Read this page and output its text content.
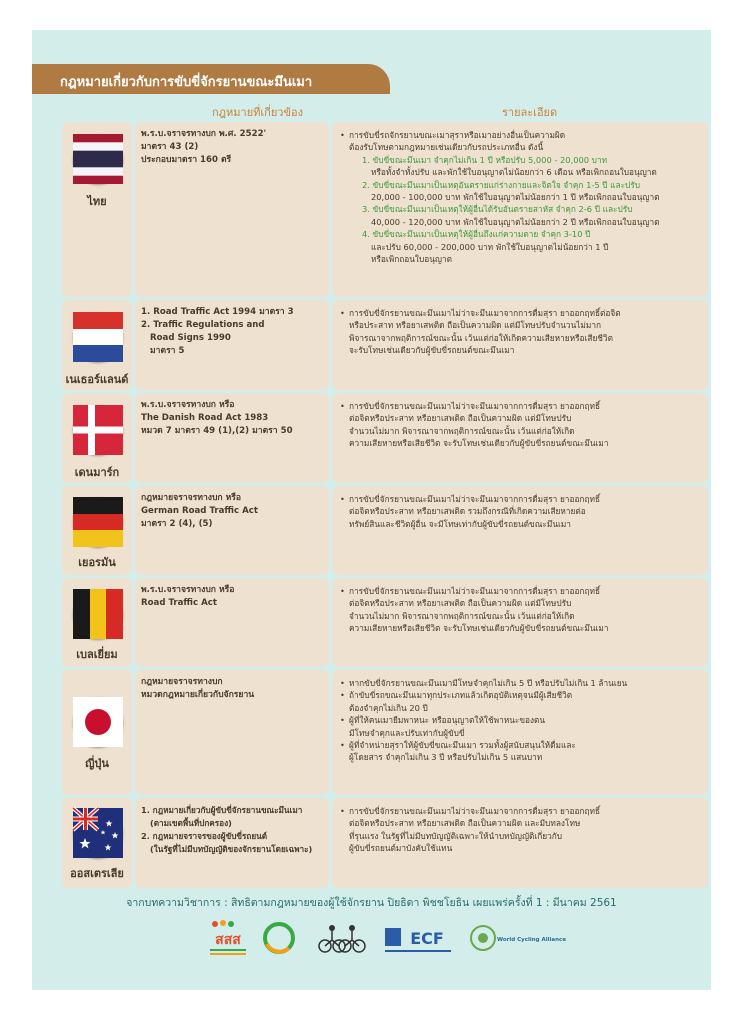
กฎหมายเกี่ยวกับการขับขี่จักรยานขณะมึนเมา
กฎหมายที่เกี่ยวข้อง	รายละเอียด
ไทย
พ.ร.บ.จราจรทางบก พ.ศ. 2522'
มาตรา 43 (2)
ประกอบมาตรา 160 ตรี
• การขับขี่รถจักรยานขณะเมาสุราหรือเมาอย่างอื่นเป็นความผิด
ต้องรับโทษตามกฎหมายเช่นเดียวกับรถประเภทอื่น ดังนี้
1. ขับขี่ขณะมึนเมา จำคุกไม่เกิน 1 ปี หรือปรับ 5,000 - 20,000 บาท
หรือทั้งจำทั้งปรับ และพักใช้ใบอนุญาตไม่น้อยกว่า 6 เดือน หรือเพิกถอนใบอนุญาต
2. ขับขี่ขณะมึนเมาเป็นเหตุอันตรายแก่ร่างกายและจิตใจ จำคุก 1-5 ปี และปรับ
20,000 - 100,000 บาท พักใช้ใบอนุญาตไม่น้อยกว่า 1 ปี หรือเพิกถอนใบอนุญาต
3. ขับขี่ขณะมึนเมาเป็นเหตุให้ผู้อื่นได้รับอันตรายสาหัส จำคุก 2-6 ปี และปรับ
40,000 - 120,000 บาท พักใช้ใบอนุญาตไม่น้อยกว่า 2 ปี หรือเพิกถอนใบอนุญาต
4. ขับขี่ขณะมึนเมาเป็นเหตุให้ผู้อื่นถึงแก่ความตาย จำคุก 3-10 ปี
และปรับ 60,000 - 200,000 บาท พักใช้ใบอนุญาตไม่น้อยกว่า 1 ปี
หรือเพิกถอนใบอนุญาต
เนเธอร์แลนด์
1. Road Traffic Act 1994 มาตรา 3
2. Traffic Regulations and
Road Signs 1990
มาตรา 5
• การขับขี่จักรยานขณะมึนเมาไม่ว่าจะมึนเมาจากการดื่มสุรา ยาออกฤทธิ์ต่อจิต
หรือประสาท หรือยาเสพติด ถือเป็นความผิด แต่มีโทษปรับจำนวนไม่มาก
พิจารณาจากพฤติการณ์ขณะนั้น เว้นแต่ก่อให้เกิดความเสียหายหรือเสียชีวิต
จะรับโทษเช่นเดียวกับผู้ขับขี่รถยนต์ขณะมึนเมา
เดนมาร์ก
พ.ร.บ.จราจรทางบก หรือ
The Danish Road Act 1983
หมวด 7 มาตรา 49 (1),(2) มาตรา 50
• การขับขี่จักรยานขณะมึนเมาไม่ว่าจะมึนเมาจากการดื่มสุรา ยาออกฤทธิ์
ต่อจิตหรือประสาท หรือยาเสพติด ถือเป็นความผิด แต่มีโทษปรับ
จำนวนไม่มาก พิจารณาจากพฤติการณ์ขณะนั้น เว้นแต่ก่อให้เกิด
ความเสียหายหรือเสียชีวิต จะรับโทษเช่นเดียวกับผู้ขับขี่รถยนต์ขณะมึนเมา
เยอรมัน
กฎหมายจราจรทางบก หรือ
German Road Traffic Act
มาตรา 2 (4), (5)
• การขับขี่จักรยานขณะมึนเมาไม่ว่าจะมึนเมาจากการดื่มสุรา ยาออกฤทธิ์
ต่อจิตหรือประสาท หรือยาเสพติด รวมถึงกรณีที่เกิดความเสียหายต่อ
ทรัพย์สินและชีวิตผู้อื่น จะมีโทษเท่ากับผู้ขับขี่รถยนต์ขณะมึนเมา
เบลเยี่ยม
พ.ร.บ.จราจรทางบก หรือ
Road Traffic Act
• การขับขี่จักรยานขณะมึนเมาไม่ว่าจะมึนเมาจากการดื่มสุรา ยาออกฤทธิ์
ต่อจิตหรือประสาท หรือยาเสพติด ถือเป็นความผิด แต่มีโทษปรับ
จำนวนไม่มาก พิจารณาจากพฤติการณ์ขณะนั้น เว้นแต่ก่อให้เกิด
ความเสียหายหรือเสียชีวิต จะรับโทษเช่นเดียวกับผู้ขับขี่รถยนต์ขณะมึนเมา
ญี่ปุ่น
กฎหมายจราจรทางบก
หมวดกฎหมายเกี่ยวกับจักรยาน
• หากขับขี่จักรยานขณะมึนเมามีโทษจำคุกไม่เกิน 5 ปี หรือปรับไม่เกิน 1 ล้านเยน
• ถ้าขับขี่รถขณะมึนเมาทุกประเภทแล้วเกิดอุบัติเหตุจนมีผู้เสียชีวิต
ต้องจำคุกไม่เกิน 20 ปี
• ผู้ที่ให้คนเมายืมพาหนะ หรืออนุญาตให้ใช้พาหนะของตน
มีโทษจำคุกและปรับเท่ากับผู้ขับขี่
• ผู้ที่จำหน่ายสุราให้ผู้ขับขี่ขณะมึนเมา รวมทั้งผู้สนับสนุนให้ดื่มและ
ผู้โดยสาร จำคุกไม่เกิน 3 ปี หรือปรับไม่เกิน 5 แสนบาท
ออสเตรเลีย
1. กฎหมายเกี่ยวกับผู้ขับขี่จักรยานขณะมึนเมา
(ตามเขตพื้นที่ปกครอง)
2. กฎหมายจราจรของผู้ขับขี่รถยนต์
(ในรัฐที่ไม่มีบทบัญญัติของจักรยานโดยเฉพาะ)
• การขับขี่จักรยานขณะมึนเมาไม่ว่าจะมึนเมาจากการดื่มสุรา ยาออกฤทธิ์
ต่อจิตหรือประสาท หรือยาเสพติด ถือเป็นความผิด และมีบทลงโทษ
ที่รุนแรง ในรัฐที่ไม่มีบทบัญญัติเฉพาะให้นำบทบัญญัติเกี่ยวกับ
ผู้ขับขี่รถยนต์มาบังคับใช้แทน
จากบทความวิชาการ : สิทธิตามกฎหมายของผู้ใช้จักรยาน ปิยธิดา พิชชโยธิน เผยแพร่ครั้งที่ 1 : มีนาคม 2561
สสส	ECF	World Cycling Alliance
